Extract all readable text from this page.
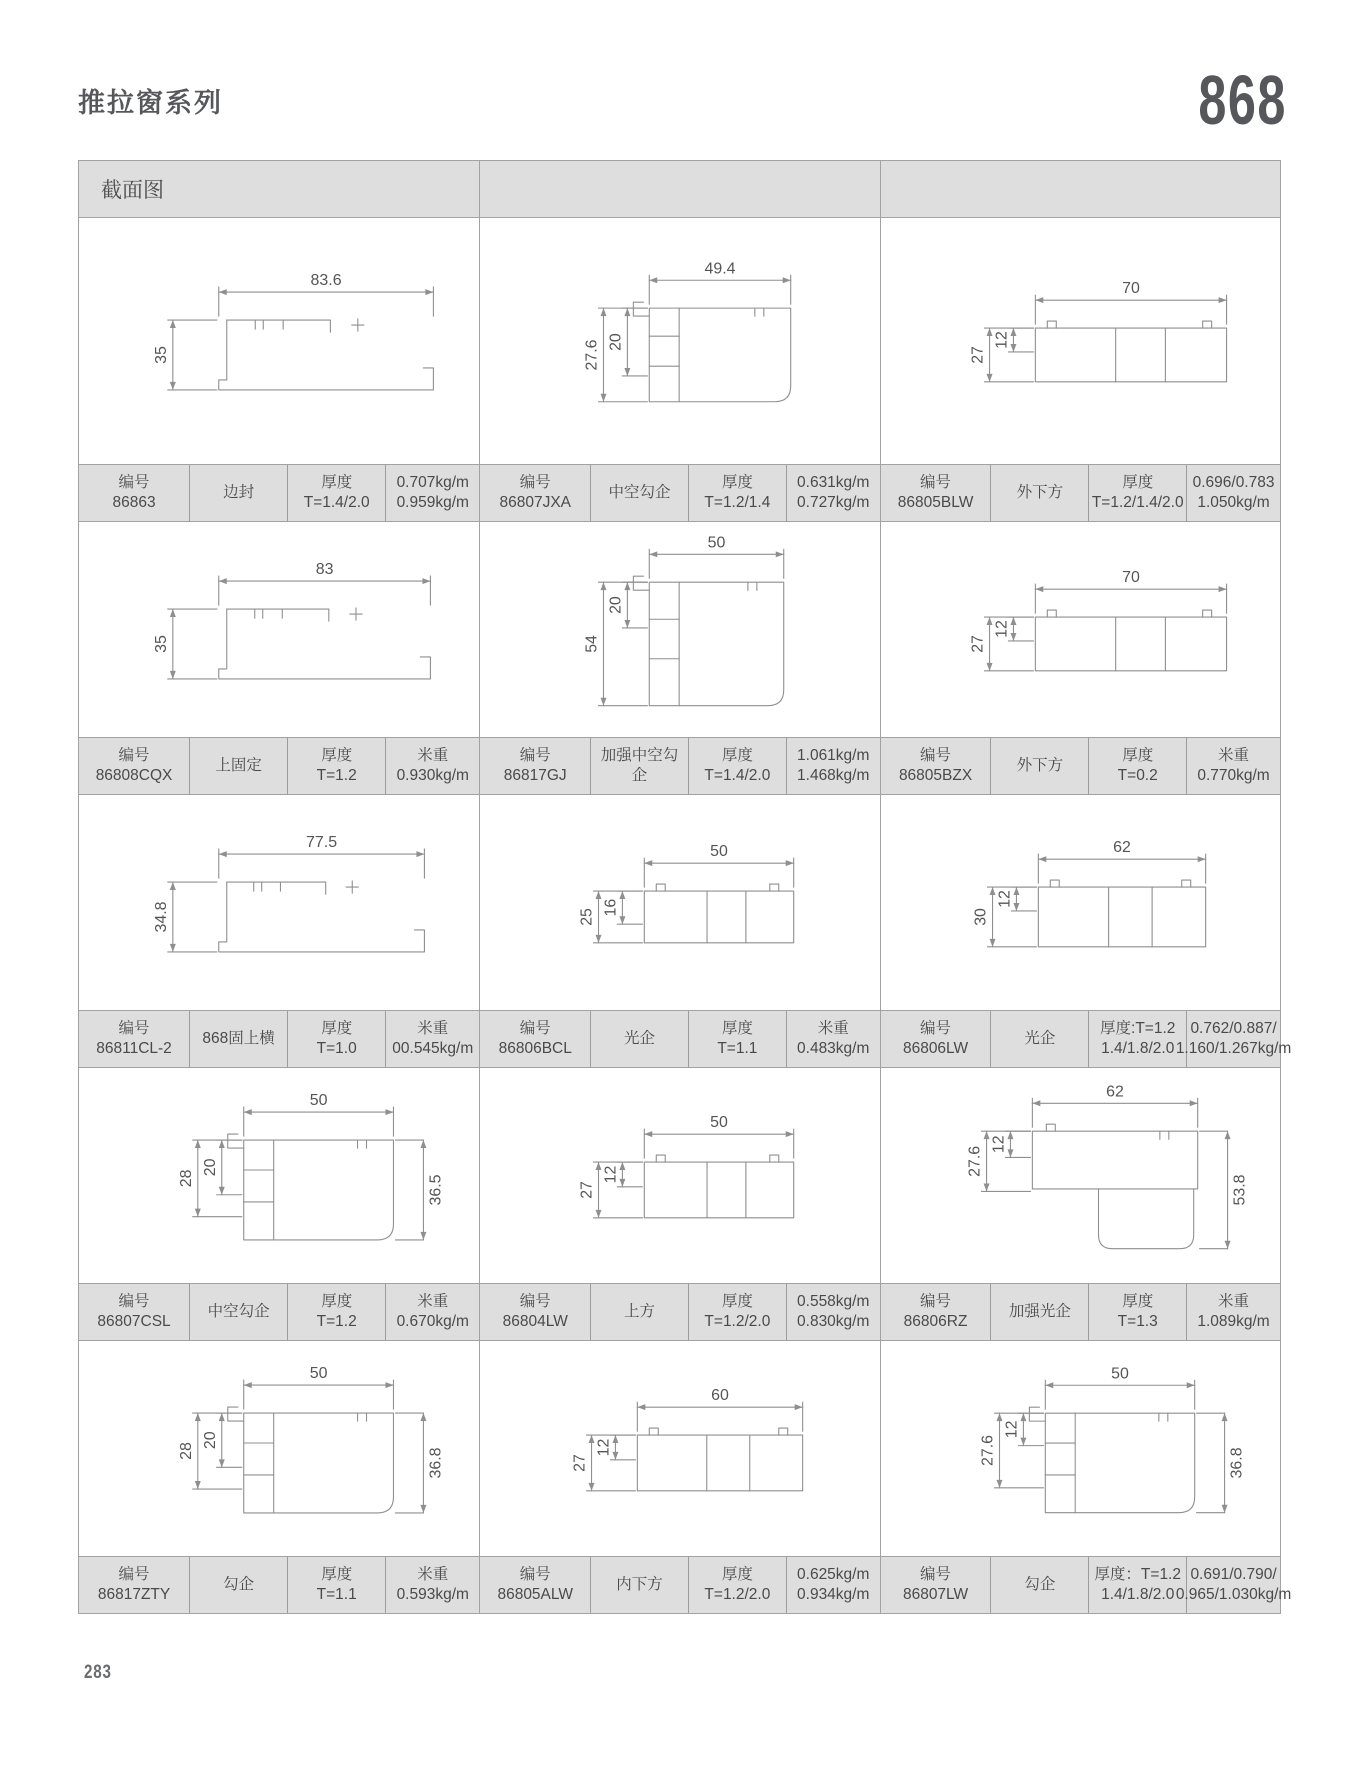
推拉窗系列	868
截面图
83.6
35
编号
86863
边封
厚度
T=1.4/2.0
0.707kg/m
0.959kg/m
49.4
27.6 20
编号
86807JXA
中空勾企
厚度
T=1.2/1.4
0.631kg/m
0.727kg/m
70
27
12
编号
86805BLW
外下方
厚度
T=1.2/1.4/2.0
0.696/0.783
1.050kg/m
83
35
编号
86808CQX
上固定
厚度
T=1.2
米重
0.930kg/m
50
54
20
编号
86817GJ
加强中空勾企
厚度
T=1.4/2.0
1.061kg/m
1.468kg/m
70
27
12
编号
86805BZX
外下方
厚度
T=0.2
米重
0.770kg/m
77.5
34.8
编号
86811CL-2
868固上横
厚度
T=1.0
米重
00.545kg/m
50
25
16
编号
86806BCL
光企
厚度
T=1.1
米重
0.483kg/m
62
30
12
编号
86806LW
光企
厚度:T=1.2
1.4/1.8/2.0
0.762/0.887/
1.160/1.267kg/m
50
28
20
36.5
编号
86807CSL
中空勾企
厚度
T=1.2
米重
0.670kg/m
50
27
12
编号
86804LW
上方
厚度
T=1.2/2.0
0.558kg/m
0.830kg/m
62
27.6
12
53.8
编号
86806RZ
加强光企
厚度
T=1.3
米重
1.089kg/m
50
28
20
36.8
编号
86817ZTY
勾企
厚度
T=1.1
米重
0.593kg/m
60
27
12
编号
86805ALW
内下方
厚度
T=1.2/2.0
0.625kg/m
0.934kg/m
50
27.6
12
36.8
编号
86807LW
勾企
厚度：T=1.2
1.4/1.8/2.0
0.691/0.790/
0.965/1.030kg/m
283
